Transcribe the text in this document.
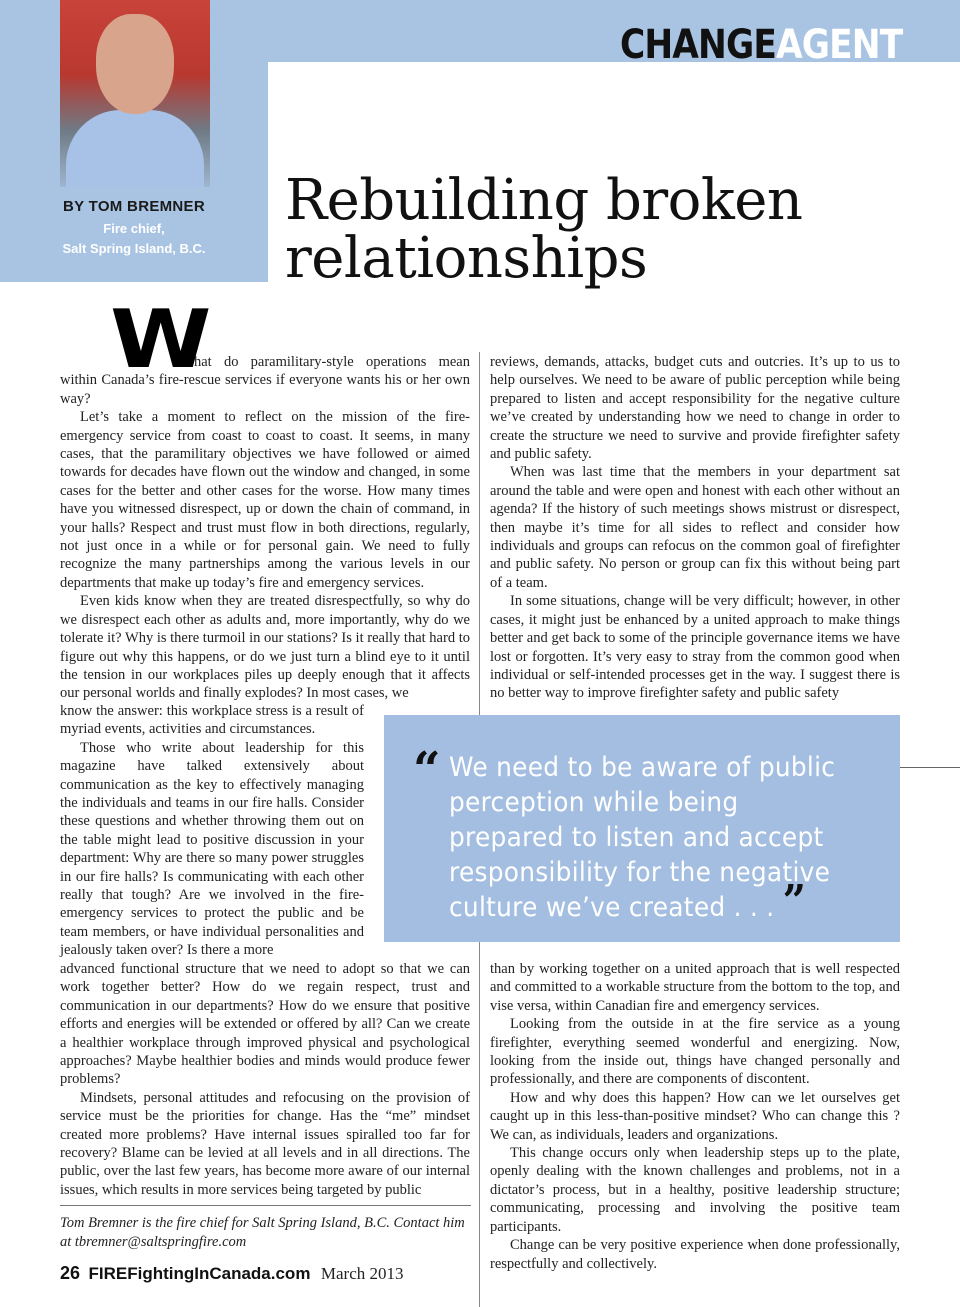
BY TOM BREMNER
Fire chief,
Salt Spring Island, B.C.
CHANGEAGENT
Rebuilding broken
relationships
W

hat do paramilitary-style operations mean within Canada’s fire-rescue services if everyone wants his or her own way?

Let’s take a moment to reflect on the mission of the fire-emergency service from coast to coast to coast. It seems, in many cases, that the paramilitary objectives we have followed or aimed towards for decades have flown out the window and changed, in some cases for the better and other cases for the worse. How many times have you witnessed disrespect, up or down the chain of command, in your halls? Respect and trust must flow in both directions, regularly, not just once in a while or for personal gain. We need to fully recognize the many partnerships among the various levels in our departments that make up today’s fire and emergency services.

Even kids know when they are treated disrespectfully, so why do we disrespect each other as adults and, more importantly, why do we tolerate it? Why is there turmoil in our stations? Is it really that hard to figure out why this happens, or do we just turn a blind eye to it until the tension in our workplaces piles up deeply enough that it affects our personal worlds and finally explodes? In most cases, we

know the answer: this workplace stress is a result of myriad events, activities and circumstances.

Those who write about leadership for this magazine have talked extensively about communication as the key to effectively managing the individuals and teams in our fire halls. Consider these questions and whether throwing them out on the table might lead to positive discussion in your department: Why are there so many power struggles in our fire halls? Is communicating with each other really that tough? Are we involved in the fire-emergency services to protect the public and be team members, or have individual personalities and jealously taken over? Is there a more

advanced functional structure that we need to adopt so that we can work together better? How do we regain respect, trust and communication in our departments? How do we ensure that positive efforts and energies will be extended or offered by all? Can we create a healthier workplace through improved physical and psychological approaches? Maybe healthier bodies and minds would produce fewer problems?

Mindsets, personal attitudes and refocusing on the provision of service must be the priorities for change. Has the “me” mindset created more problems? Have internal issues spiralled too far for recovery? Blame can be levied at all levels and in all directions. The public, over the last few years, has become more aware of our internal issues, which results in more services being targeted by public

reviews, demands, attacks, budget cuts and outcries. It’s up to us to help ourselves. We need to be aware of public perception while being prepared to listen and accept responsibility for the negative culture we’ve created by understanding how we need to change in order to create the structure we need to survive and provide firefighter safety and public safety.

When was last time that the members in your department sat around the table and were open and honest with each other without an agenda? If the history of such meetings shows mistrust or disrespect, then maybe it’s time for all sides to reflect and consider how individuals and groups can refocus on the common goal of firefighter and public safety. No person or group can fix this without being part of a team.

In some situations, change will be very difficult; however, in other cases, it might just be enhanced by a united approach to make things better and get back to some of the principle governance items we have lost or forgotten. It’s very easy to stray from the common good when individual or self-intended processes get in the way. I suggest there is no better way to improve firefighter safety and public safety

“ We need to be aware of public perception while being prepared to listen and accept responsibility for the negative culture we’ve created . . . ”

than by working together on a united approach that is well respected and committed to a workable structure from the bottom to the top, and vise versa, within Canadian fire and emergency services.

Looking from the outside in at the fire service as a young firefighter, everything seemed wonderful and energizing. Now, looking from the inside out, things have changed personally and professionally, and there are components of discontent.

How and why does this happen? How can we let ourselves get caught up in this less-than-positive mindset? Who can change this ? We can, as individuals, leaders and organizations.

This change occurs only when leadership steps up to the plate, openly dealing with the known challenges and problems, not in a dictator’s process, but in a healthy, positive leadership structure; communicating, processing and involving the positive team participants.

Change can be very positive experience when done professionally, respectfully and collectively.

Tom Bremner is the fire chief for Salt Spring Island, B.C. Contact him
at tbremner@saltspringfire.com

26 FIREFightingInCanada.com March 2013
